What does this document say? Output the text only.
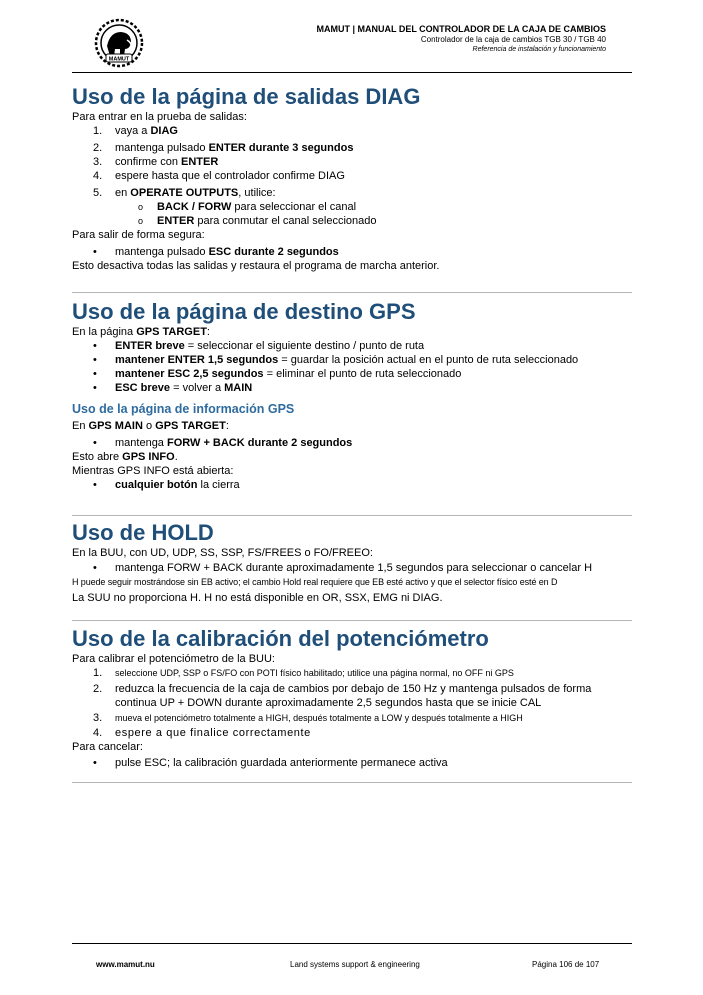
MAMUT
MAMUT | MANUAL DEL CONTROLADOR DE LA CAJA DE CAMBIOS
Controlador de la caja de cambios TGB 30 / TGB 40
Referencia de instalación y funcionamiento
Uso de la página de salidas DIAG

Para entrar en la prueba de salidas:

1. vaya a DIAG
2. mantenga pulsado ENTER durante 3 segundos
3. confirme con ENTER
4. espere hasta que el controlador confirme DIAG
5. en OPERATE OUTPUTS, utilice:
o BACK / FORW para seleccionar el canal
o ENTER para conmutar el canal seleccionado

Para salir de forma segura:

• mantenga pulsado ESC durante 2 segundos

Esto desactiva todas las salidas y restaura el programa de marcha anterior.

Uso de la página de destino GPS

En la página GPS TARGET:

• ENTER breve = seleccionar el siguiente destino / punto de ruta
• mantener ENTER 1,5 segundos = guardar la posición actual en el punto de ruta seleccionado
• mantener ESC 2,5 segundos = eliminar el punto de ruta seleccionado
• ESC breve = volver a MAIN
Uso de la página de información GPS

En GPS MAIN o GPS TARGET:

• mantenga FORW + BACK durante 2 segundos

Esto abre GPS INFO.

Mientras GPS INFO está abierta:

• cualquier botón la cierra
Uso de HOLD

En la BUU, con UD, UDP, SS, SSP, FS/FREES o FO/FREEO:

• mantenga FORW + BACK durante aproximadamente 1,5 segundos para seleccionar o cancelar H

H puede seguir mostrándose sin EB activo; el cambio Hold real requiere que EB esté activo y que el selector físico esté en D

La SUU no proporciona H. H no está disponible en OR, SSX, EMG ni DIAG.

Uso de la calibración del potenciómetro

Para calibrar el potenciómetro de la BUU:

1. seleccione UDP, SSP o FS/FO con POTI físico habilitado; utilice una página normal, no OFF ni GPS
2. reduzca la frecuencia de la caja de cambios por debajo de 150 Hz y mantenga pulsados de forma continua UP + DOWN durante aproximadamente 2,5 segundos hasta que se inicie CAL
3. mueva el potenciómetro totalmente a HIGH, después totalmente a LOW y después totalmente a HIGH
4. espere a que finalice correctamente

Para cancelar:

• pulse ESC; la calibración guardada anteriormente permanece activa
www.mamut.nu	Land systems support & engineering	Página 106 de 107
